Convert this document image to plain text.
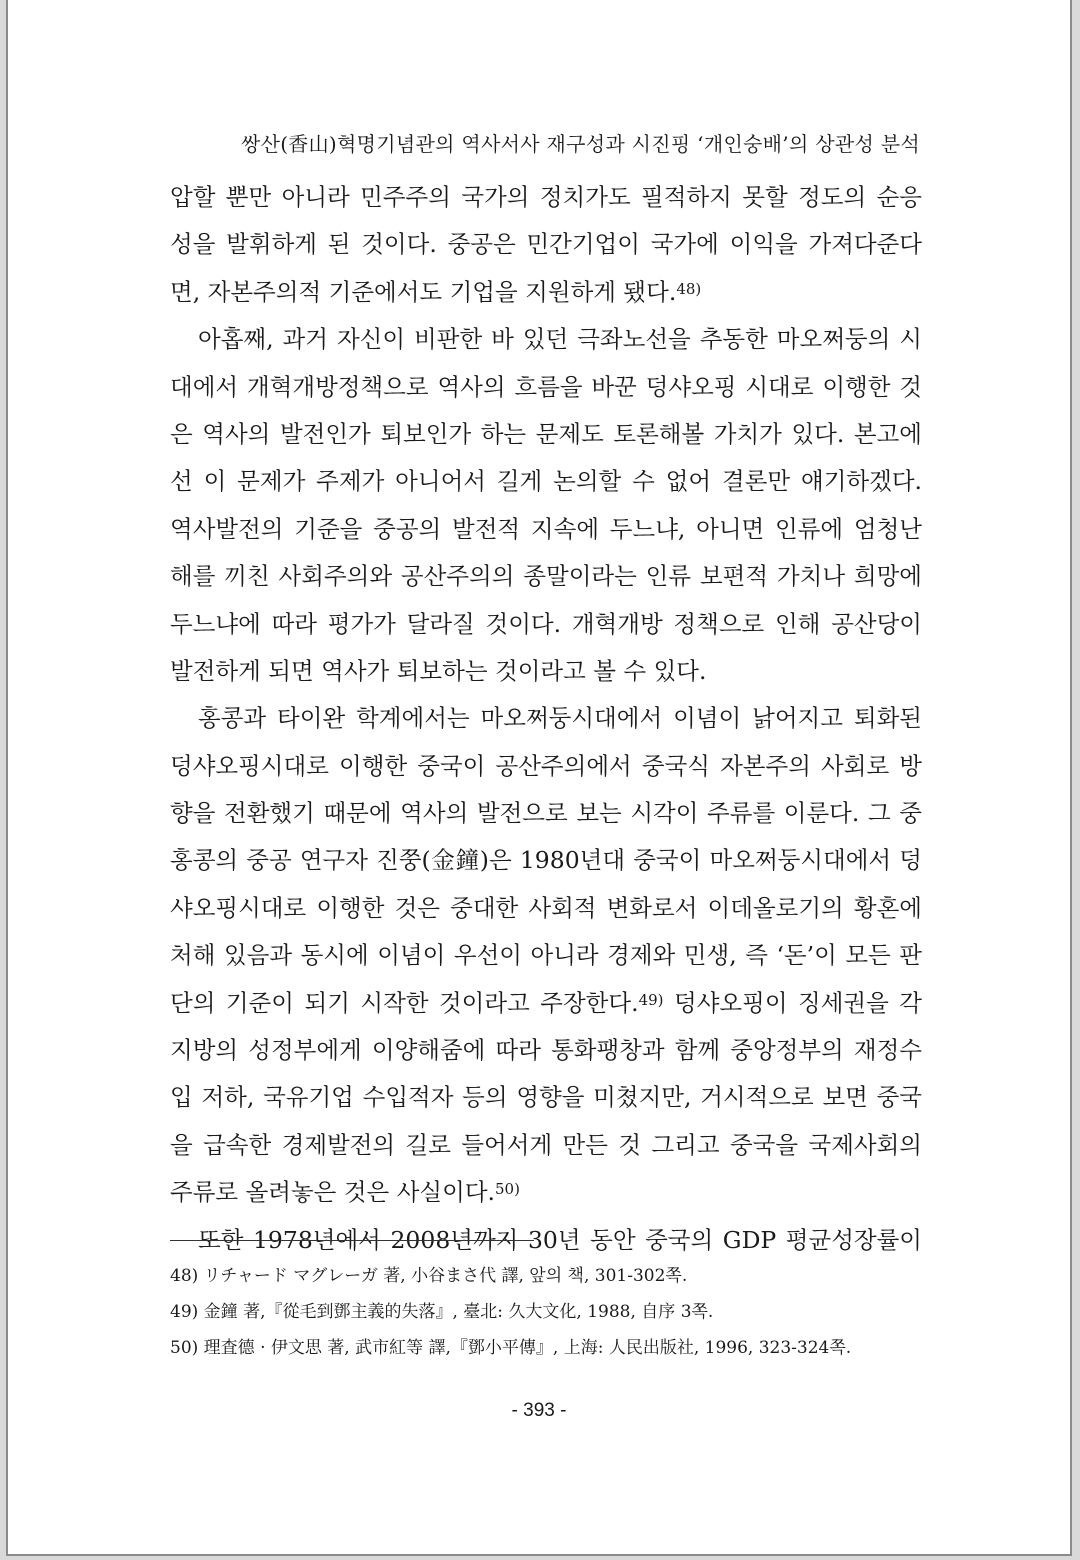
쌍산(香山)혁명기념관의 역사서사 재구성과 시진핑 ‘개인숭배’의 상관성 분석
압할 뿐만 아니라 민주주의 국가의 정치가도 필적하지 못할 정도의 순응
성을 발휘하게 된 것이다. 중공은 민간기업이 국가에 이익을 가져다준다
면, 자본주의적 기준에서도 기업을 지원하게 됐다.$^{48)}$
아홉째, 과거 자신이 비판한 바 있던 극좌노선을 추동한 마오쩌둥의 시
대에서 개혁개방정책으로 역사의 흐름을 바꾼 덩샤오핑 시대로 이행한 것
은 역사의 발전인가 퇴보인가 하는 문제도 토론해볼 가치가 있다. 본고에
선 이 문제가 주제가 아니어서 길게 논의할 수 없어 결론만 얘기하겠다.
역사발전의 기준을 중공의 발전적 지속에 두느냐, 아니면 인류에 엄청난
해를 끼친 사회주의와 공산주의의 종말이라는 인류 보편적 가치나 희망에
두느냐에 따라 평가가 달라질 것이다. 개혁개방 정책으로 인해 공산당이
발전하게 되면 역사가 퇴보하는 것이라고 볼 수 있다.
홍콩과 타이완 학계에서는 마오쩌둥시대에서 이념이 낡어지고 퇴화된
덩샤오핑시대로 이행한 중국이 공산주의에서 중국식 자본주의 사회로 방
향을 전환했기 때문에 역사의 발전으로 보는 시각이 주류를 이룬다. 그 중
홍콩의 중공 연구자 진쭝(金鐘)은 1980년대 중국이 마오쩌둥시대에서 덩
샤오핑시대로 이행한 것은 중대한 사회적 변화로서 이데올로기의 황혼에
처해 있음과 동시에 이념이 우선이 아니라 경제와 민생, 즉 ‘돈’이 모든 판
단의 기준이 되기 시작한 것이라고 주장한다.$^{49)}$ 덩샤오핑이 징세권을 각
지방의 성정부에게 이양해줌에 따라 통화팽창과 함께 중앙정부의 재정수
입 저하, 국유기업 수입적자 등의 영향을 미쳤지만, 거시적으로 보면 중국
을 급속한 경제발전의 길로 들어서게 만든 것 그리고 중국을 국제사회의
주류로 올려놓은 것은 사실이다.$^{50)}$
또한 1978년에서 2008년까지 30년 동안 중국의 GDP 평균성장률이
48) リチャード マグレーガ 著, 小谷まさ代 譯, 앞의 책, 301-302쪽.
49) 金鐘 著,『從毛到鄧主義的失落』, 臺北: 久大文化, 1988, 自序 3쪽.
50) 理査德 · 伊文思 著, 武市紅等 譯,『鄧小平傳』, 上海: 人民出版社, 1996, 323-324쪽.
- 393 -
